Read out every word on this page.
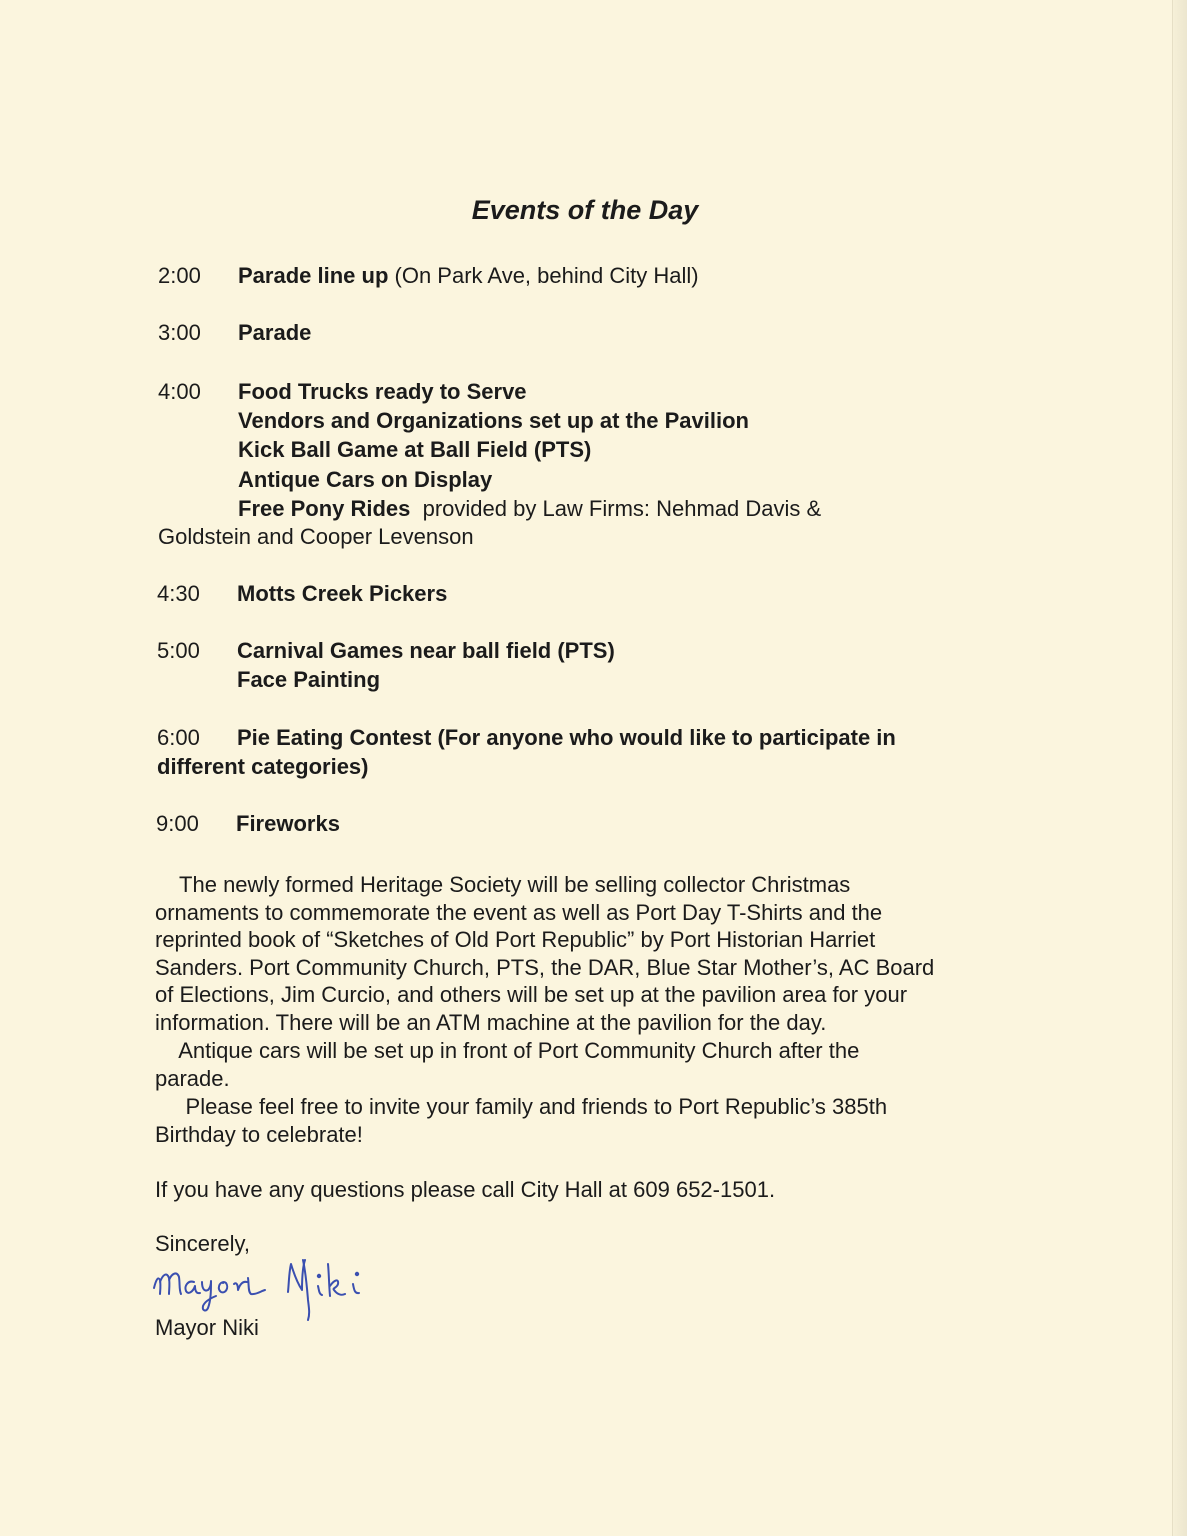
Events of the Day
2:00 Parade line up (On Park Ave, behind City Hall)
3:00 Parade
4:00 Food Trucks ready to Serve
Vendors and Organizations set up at the Pavilion
Kick Ball Game at Ball Field (PTS)
Antique Cars on Display
Free Pony Rides  provided by Law Firms: Nehmad Davis &
Goldstein and Cooper Levenson
4:30 Motts Creek Pickers
5:00 Carnival Games near ball field (PTS)
Face Painting
6:00 Pie Eating Contest (For anyone who would like to participate in
different categories)
9:00 Fireworks
The newly formed Heritage Society will be selling collector Christmas
ornaments to commemorate the event as well as Port Day T-Shirts and the
reprinted book of “Sketches of Old Port Republic” by Port Historian Harriet
Sanders. Port Community Church, PTS, the DAR, Blue Star Mother’s, AC Board
of Elections, Jim Curcio, and others will be set up at the pavilion area for your
information. There will be an ATM machine at the pavilion for the day.
Antique cars will be set up in front of Port Community Church after the
parade.
Please feel free to invite your family and friends to Port Republic’s 385th
Birthday to celebrate!
If you have any questions please call City Hall at 609 652-1501.
Sincerely,
Mayor Niki
